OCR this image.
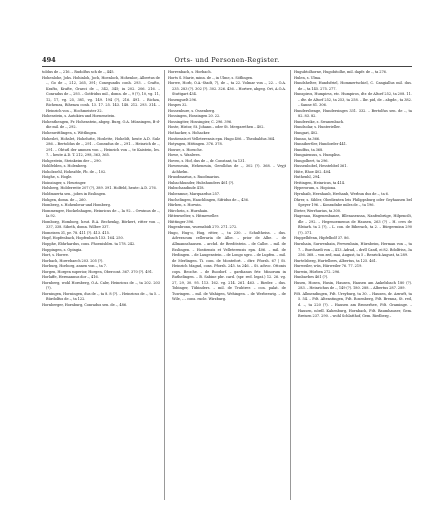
494	Orts- und Personen-Register.

toldus de –, 216. – Rudolfus sch de –, 445.

Hohenlohe, Johs. Hohinloh, Joch, Hoenloch, Hohenloe, Albertus de –, Go de –, 212, 265, 391; Conegundis conh. 293. – Crafto, Krafto, Krafte, Graeci de –, 342, 345; iu 202. 206. 216. – Conradus de –, 293. – Gotfridus mil., domn. de –, 9 (?), 10, vg. 11, 12, 17, vg. 25, 381, vg. 149. 194 (?), 216. 491. – Richza, Richenza, Rihenza conh. 13. 17. 25. 143. 148. 212. 293. 314. – Heinrich von –, Hochmeister 32.

Hohenstein, s. Autokirn und Hornenstein.

Hohenthengen, Fr. Hohenstein, abgeg. Burg, O.A. Münsingen, B-d-die mil. de –, 292.

Hohenwittlingen, s. Wittlingen.

Hoheslet, Hohslet, Hohelutte, Hoslette, Hoheldt, heute A.D. Sulz 286. – Bertoldus de –, 291. – Conradus de –, 291. – Heinrich de –, 291. – Obtutl der ammen von –, Heinrich von –, te Kaistein, les. 7. – heute A.D. T. 212, 298, 363, 365.

Hohgestein, Steinkeim der –, 290.

Hohlfelden, s. Holenberg.

Hoholzsehl, Hoheafde, Pb. de –, 102.

Hoighe, s. Hogle.

Hoinsinger, s. Heuringer.

Holsberg, Holderreite 207 (?), 389. 391. Holfeld, heute: A.D. 276.

Holdmuerta sen., jobes in Esslingen.

Hohgen, domn. de –, 260.

Homberg, s. Hohenbeur und Homberg.

Hommenger, Hockelnhagen, Heinricus de –, Ia 92. – Orwinus de –, Ia 92.

Homborg, Homborg, heut. B.A. Bechenkg, Börkert, ritter von –, 337, 338. Sibeth, domn. Wilbev 337.

Homeisen 31, pr. 78. 411 (?). 413. 415.

Hopf, Hopfenbach, Hopfenbach 153. 164. 250.

Hopphe, Ebhrhardus, cons. Phoenisblrn. ta 178. 242.

Hoppingen, s. Opingia.

Hort, s. Horwe.

Horbach, Horrebaech 203. 205 (?).

Horburg, Horborg, annen von –, ta 7.

Horgen, Horgen superior, Horgen, Obercont. 367. 370 (?). 491.

Horlaffe, Hermannus dor –, 416.

Hornberg, wohl Hornberg, O.A. Calw, Heinricus de –, ta 202. 203 (?).

Horningen, Horningen, dus de –, ta 8. 8 (?). – Heinricus de –, ta 5. – Bürdolfus de –, ta 122.

Hornberger, Hornburg, Conradus sen. de –, 486.

Horrenbach, s. Horbach.

Horts S. Marie, minn. de –, in Ulme, s. Söflingen.

Horwe, Horb, O.A.-Stadt, 7), de –, ta 22. Volmar von –, 22. – O.A. 235. 283 (?). 302 (?). 302. 326. 436. – Hortwe, abgeg. Ort, A.O.A. Stuttgart 434.

Hosenguelt 296.

Hospes 32.

Hossenbure, s. Ossenberg.

Hossingen, Hossingen 20. 22.

Hossingiter, Hossingier, C. 296. 396.

Hoste, Histor, St. Johann – oder St. Mergarethen – 402.

Hothacker, s. Hohacker.

Hostiensis et Velleterensis epn. Hugo 406. – Theobaldus 364.

Hotyngen, Hittingen. 376. 378.

Houwe, s. Hoesche.

Howe, s. Wanlwes.

Hoven, s. Hof, dus de –, dr. Constant, ta 131.

Howeneuin, Heheneuin, Gerolldus de –, 302 (?). 368. – Veyjt Achhelm.

Hruodmarius, s. Ruodmarius.

Hubachhunder, Hubshunders 461 (?).

Hubschandinde 418.

Hubenmue, Marquardus 257.

Huchelingen, Hauchlingen, Sifridus de –, 436.

Hürben, s. Horwin.

Hürchein, s. Hurnhain.

Hittenwelter, s. Hitmeweller.

Hüttinger 396.

Hugenbronn, wurmsbidi 270. 271. 272.

Hugo, Hug-o, Hug, ritter, –, ta 230. – Schultheiss. – dus. Adveracum celleraria de Albe. – prior de Albe. – de Allmannshausen. – archd. de Breditstein. – de Calbe. – mil. de Esslingen. – Hostiensis et Velleterensis epn. 406. – mil. de Hedingen. – de Laugenstein. – de Longo sgro. – de Lupfen. – mil. de Merlingen. Ti. com. de Montefort. – dtrr. Pforzh. 67 | St. Heinrich Magnd, cons. Pforzh. 245. ta 246. – St. advoc. Ottonis cops. Beoche. – de Ruodorf. – gardianus frtr. Minorum in Ruthelingen. – B. Sabine pbr. card. (spr. red. legat.) 12. 26. vg. 27, 29, 30. 95. 113. 162. vg. 214. 261. 463. – Rieder. – dus. Tobinger, Tübinders. – mil. de Truhtrer. – con. palat. de Tuwingen. – mil. de Wahigen, Wehingen. – de Werbeswig. – de Wile, – – cons. rucle. Wirzburg.

Hugubtolhorne, Hugobitolhe, mil. dapfr. de –, ta 276.

Hulen, s. Ulma.

Hundshelter, Hundsfriel, Hommertschiel, C. Cangiallus mil. dus. de –, ta 145. 275. 277.

Hunspiros, Humpirss, etc. Humpiros, dtr. de Altorf 252, ta 208. 11. – dtr. de Altorf 252, ta 253, ta 258. – Ibr. pid, de – abgde., ta 382. – Sanne 81. 306.

Hundersbenge, Hundersinges 331. 332. – Bertolfus sen. de –, ta 82. 83. 82.

Hundersike, s. Swanenbach.

Hundsolar, s. Hunterieller.

Hungari, 402.

Hunno, ta 366.

Hunnibertler, Hundorder 441.

Hundfus, ta 368.

Hungaiensus, s. Humpliss.

Hungolbert, ta 296.

Hussenbobel, Hesstebbel 361.

Hüte, Rhoe 402. 404.

Huthenhl, 294.

Hvitingen, Heinricus, ta 414.

Hyperorum, s. Hopiona.

Hyrnhaib, Hernhanb, Hrehanb, Werbun dus de –, ta 6.

Dhrer, s. Sibler, Obedienten leis Philippsburg oder Geyhausen bel Speyer 196. – Konradnbe miles de –, ta 196.

Ilteter, Werrhurius, ta 300.

Hagenau, Hagenenbanze, Bllenasenssa, Nanfenbrüge, Hilpencilt, dle – 292. – Hegenoemenus de Hausen, 263 (?) – H. cres de Blstarh. ta 2 (?), – L. con. de Biberach, ta 2. – Bürgerminn 290 (?). 371.

Huppelhfenn, Hipfelbolf 37. 86.

Hurnhain, Surwenbain, Ferwenbain, Hürnbeim, Herman von –, ta 7. – Burchardi von –, 413. Adrad, – drrll Cantl, ei 82. Bdolfriss, 3a 256. 368. – von zed, mai, August, ta 5 – Renrick August, ta 289.

Hurtelsberg, Hurtelbers, Albertus, ta 125. 461.

Hurweiler, wüs, Hürweiler 76. 77. 219.

Hurwin, Hürben 272. 296.

Hunbavbes 461 (?).

Husen, Hosen, Husin, Hausen, Hausen am Ankelsbach 180 (?). 283. – Heinrichus de –, 149 (?). 180. 288. – Albertus 287. 289.

Fdt. Allmendingen, Fdt. Ureyburg, ta 30. – Hausen, dr. Arnwft, ta 5. 54. – Fdt. Altenstingen, Fdt. Rosenberg, Fdt. Brenna, St. red, d. –, ta 220 (?). – Hausen am Bronerhee, Fdt. Graminge. – Hausen, nördl. Kahenburg, Hornbach, Fdt. Baumhauser, Gem. Breisen 237. 290. – wohl Schlatthof, Gem. Riedberg –
